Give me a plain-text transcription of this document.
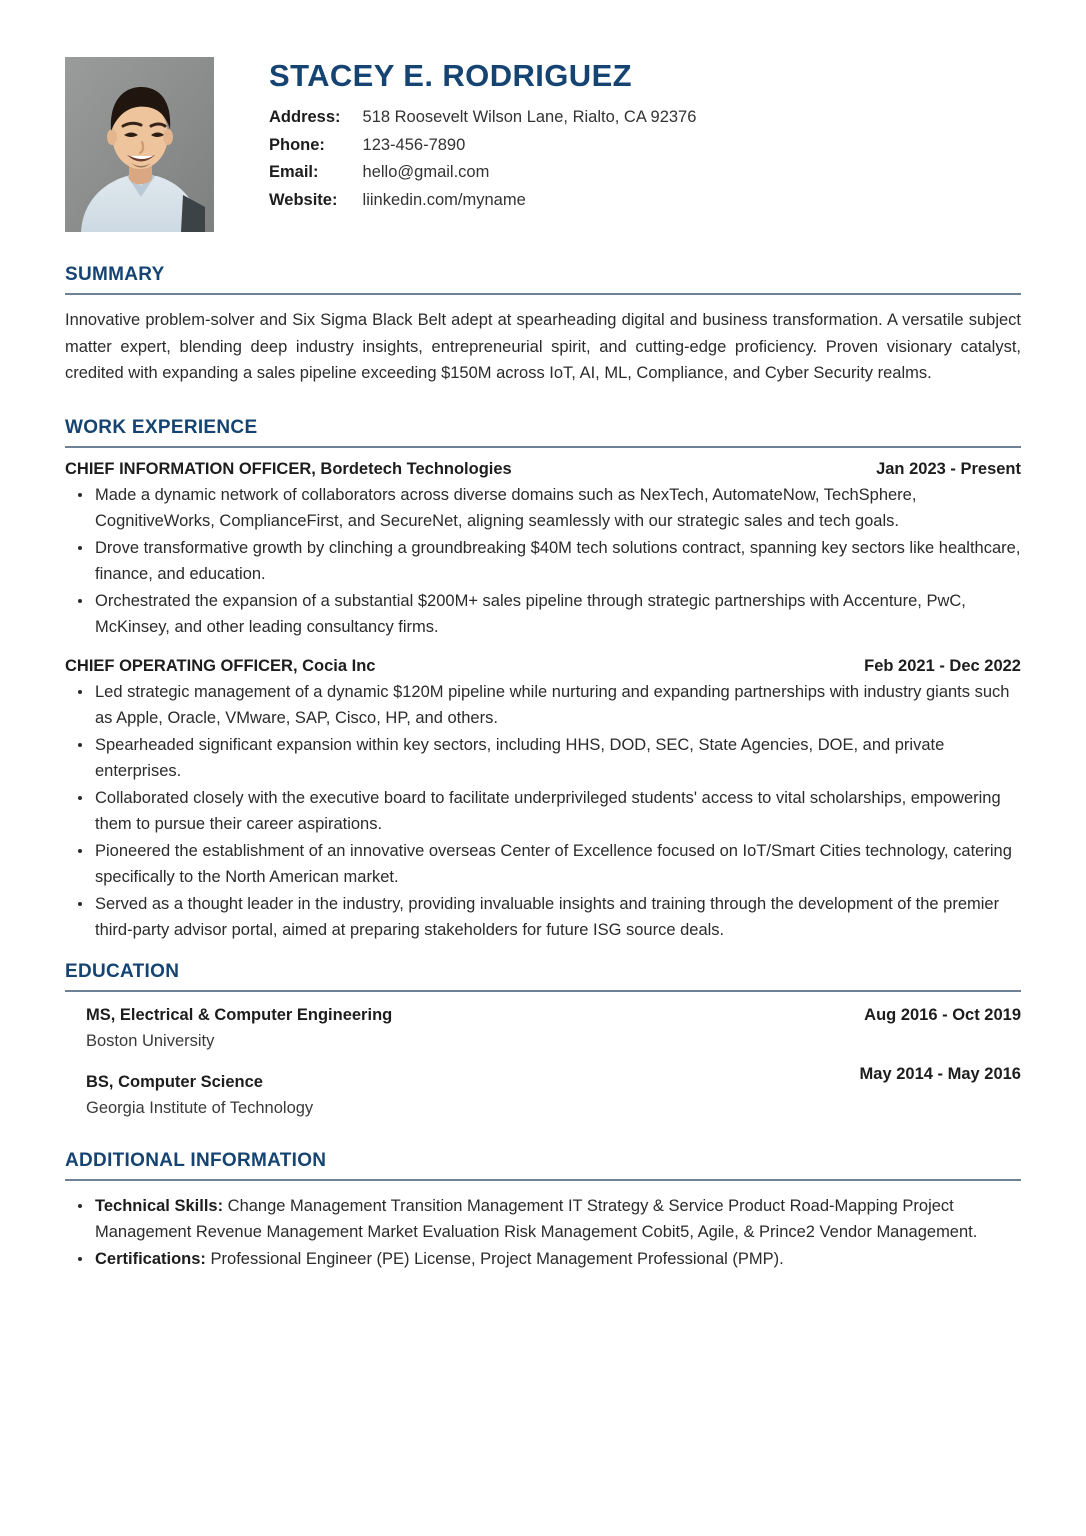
STACEY E. RODRIGUEZ
Address:	518 Roosevelt Wilson Lane, Rialto, CA 92376
Phone:	123-456-7890
Email:	hello@gmail.com
Website:	liinkedin.com/myname
SUMMARY

Innovative problem-solver and Six Sigma Black Belt adept at spearheading digital and business transformation. A versatile subject matter expert, blending deep industry insights, entrepreneurial spirit, and cutting-edge proficiency. Proven visionary catalyst, credited with expanding a sales pipeline exceeding $150M across IoT, AI, ML, Compliance, and Cyber Security realms.

WORK EXPERIENCE
CHIEF INFORMATION OFFICER, Bordetech Technologies	Jan 2023 - Present
Made a dynamic network of collaborators across diverse domains such as NexTech, AutomateNow, TechSphere, CognitiveWorks, ComplianceFirst, and SecureNet, aligning seamlessly with our strategic sales and tech goals.
Drove transformative growth by clinching a groundbreaking $40M tech solutions contract, spanning key sectors like healthcare, finance, and education.
Orchestrated the expansion of a substantial $200M+ sales pipeline through strategic partnerships with Accenture, PwC, McKinsey, and other leading consultancy firms.
CHIEF OPERATING OFFICER, Cocia Inc	Feb 2021 - Dec 2022
Led strategic management of a dynamic $120M pipeline while nurturing and expanding partnerships with industry giants such as Apple, Oracle, VMware, SAP, Cisco, HP, and others.
Spearheaded significant expansion within key sectors, including HHS, DOD, SEC, State Agencies, DOE, and private enterprises.
Collaborated closely with the executive board to facilitate underprivileged students' access to vital scholarships, empowering them to pursue their career aspirations.
Pioneered the establishment of an innovative overseas Center of Excellence focused on IoT/Smart Cities technology, catering specifically to the North American market.
Served as a thought leader in the industry, providing invaluable insights and training through the development of the premier third-party advisor portal, aimed at preparing stakeholders for future ISG source deals.
EDUCATION
MS, Electrical & Computer Engineering	Aug 2016 - Oct 2019
Boston University
BS, Computer Science	May 2014 - May 2016
Georgia Institute of Technology
ADDITIONAL INFORMATION
Technical Skills: Change Management Transition Management IT Strategy & Service Product Road-Mapping Project Management Revenue Management Market Evaluation Risk Management Cobit5, Agile, & Prince2 Vendor Management.
Certifications: Professional Engineer (PE) License, Project Management Professional (PMP).
